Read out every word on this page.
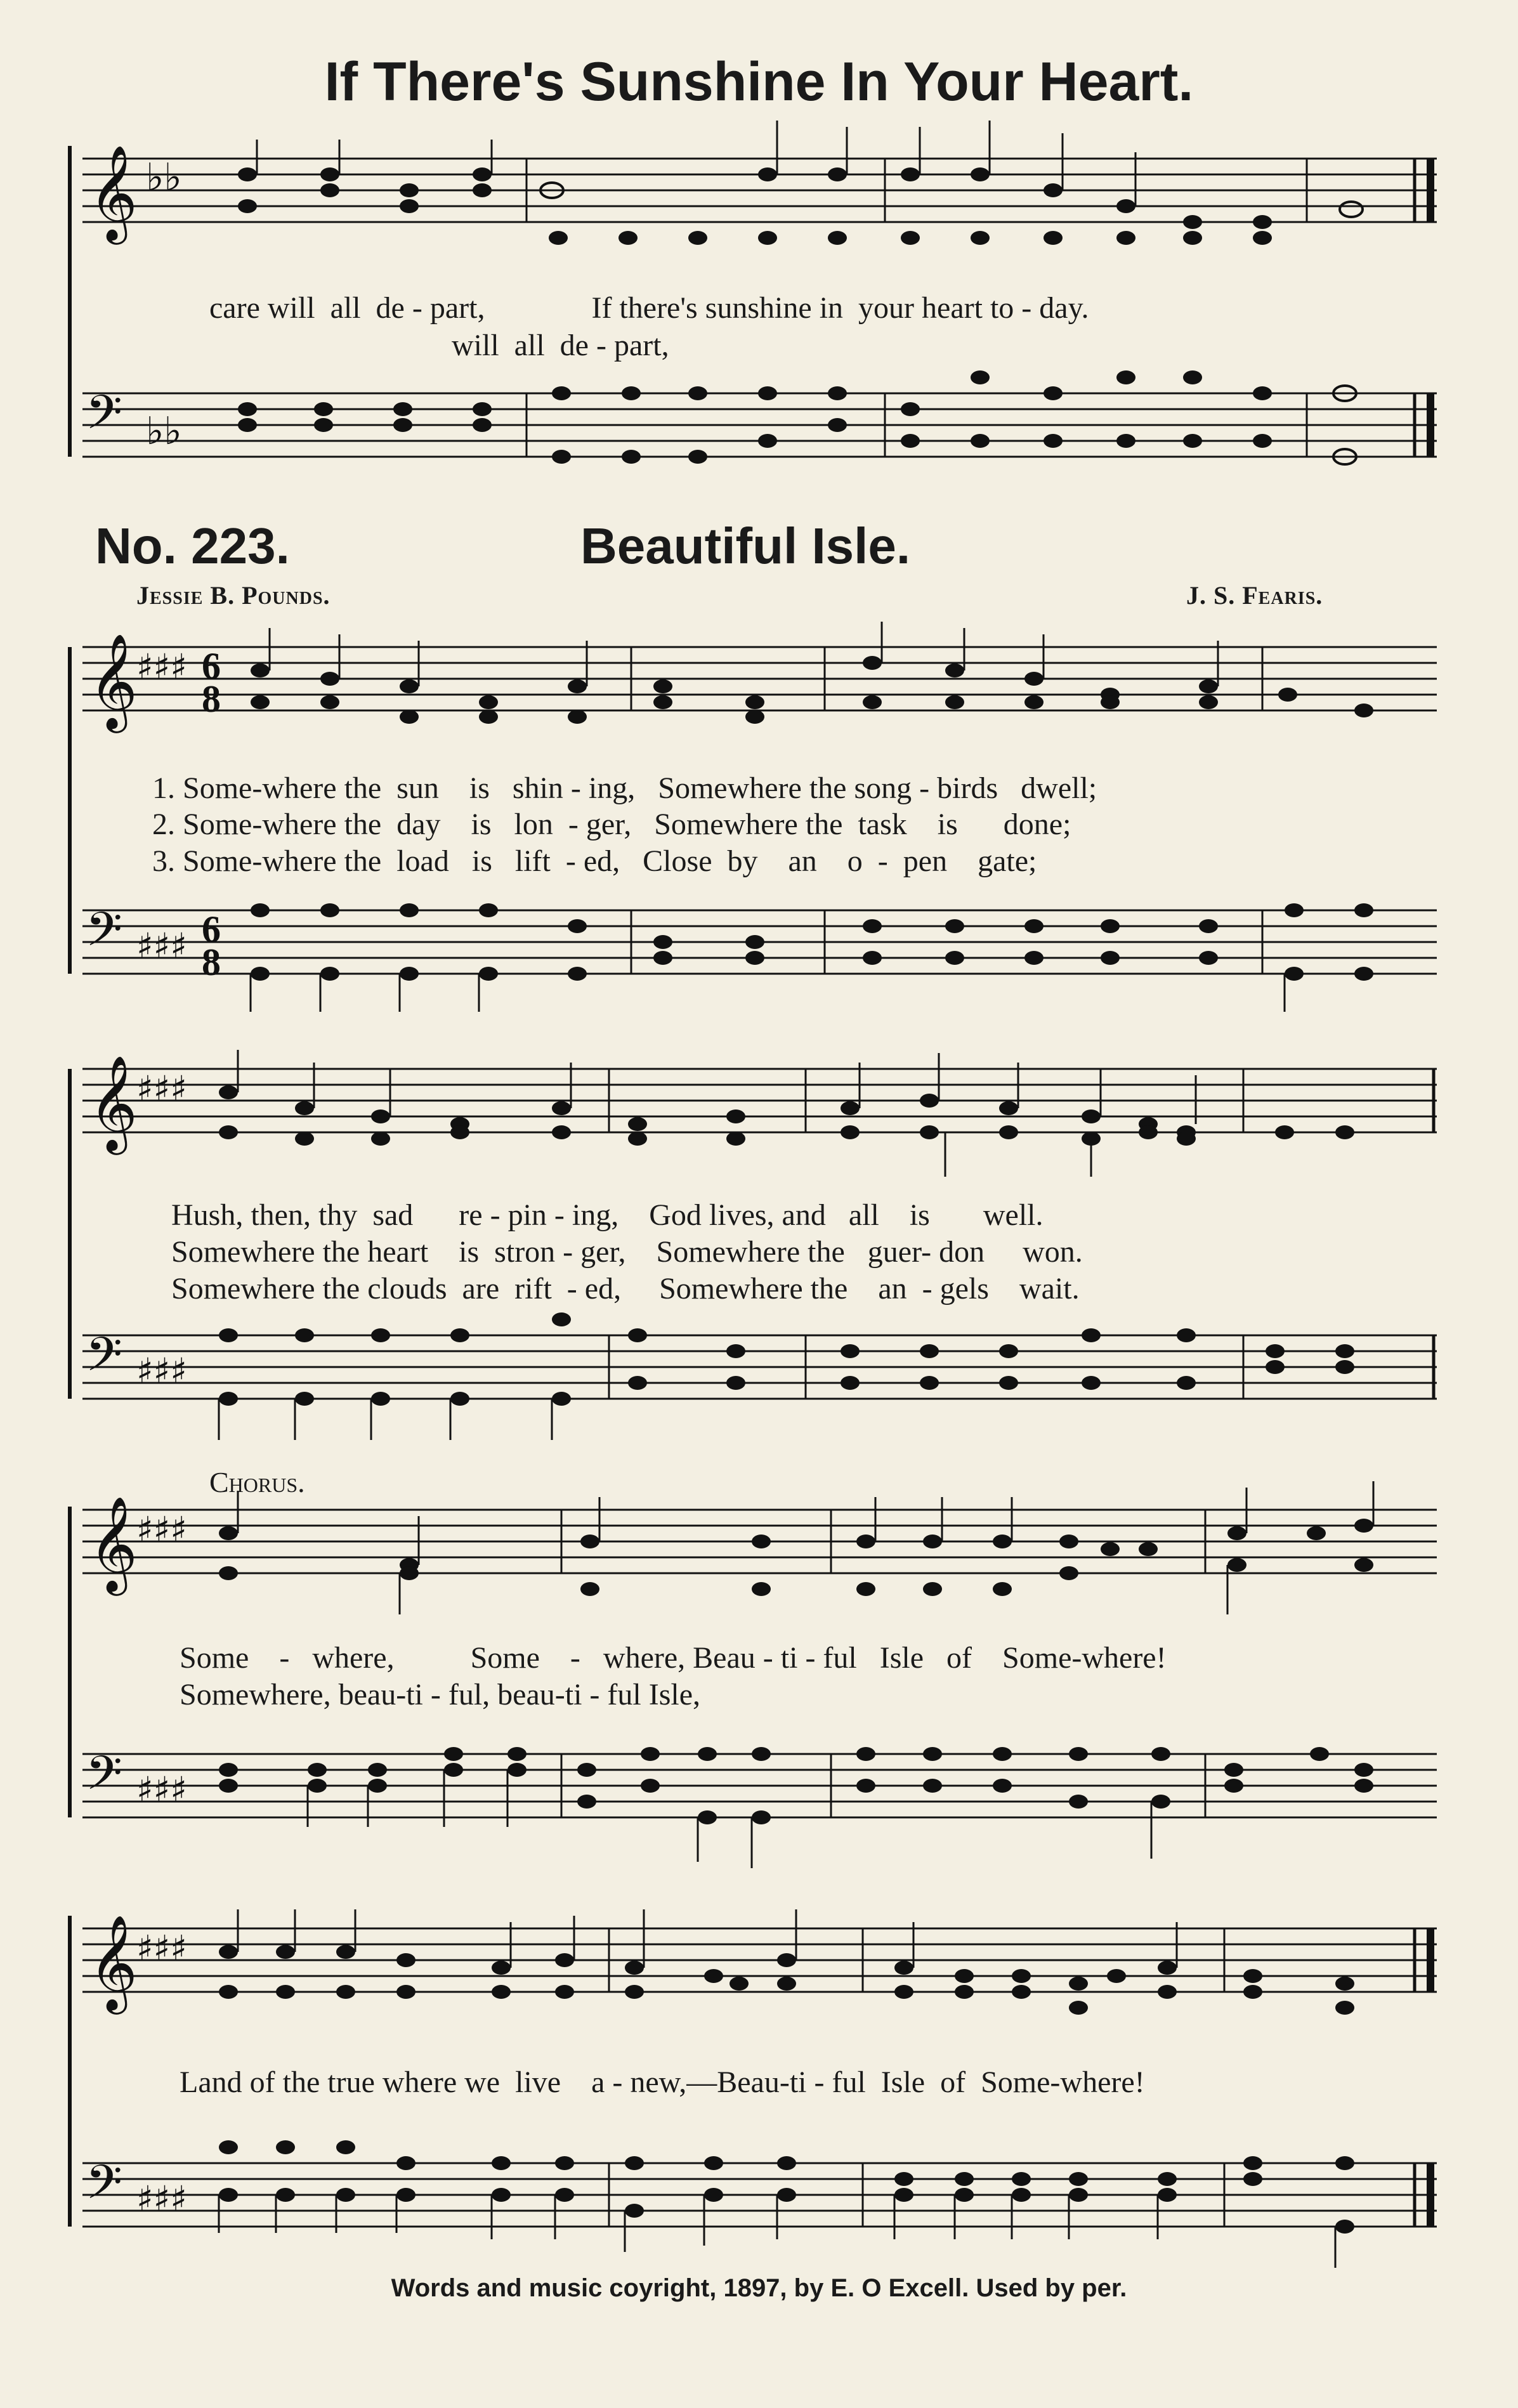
If There's Sunshine In Your Heart.
𝄞 ♭♭
care will  all  de - part,              If there's sunshine in  your heart to - day.
will  all  de - part,
𝄢 ♭♭
No. 223.	Beautiful Isle.
Jessie B. Pounds.	J. S. Fearis.
𝄞
♯♯♯ 6
8
1. Some-where the  sun    is   shin - ing,   Somewhere the song - birds   dwell;
2. Some-where the  day    is   lon  - ger,   Somewhere the  task    is      done;
3. Some-where the  load   is   lift  - ed,   Close  by    an    o  -  pen    gate;
𝄢 ♯♯♯ 6
8
𝄞
♯♯♯
Hush, then, thy  sad      re - pin - ing,    God lives, and   all    is       well.
Somewhere the heart    is  stron - ger,    Somewhere the   guer- don     won.
Somewhere the clouds  are  rift  - ed,     Somewhere the    an  - gels    wait.
𝄢 ♯♯♯
Chorus.
𝄞
♯♯♯
Some    -   where,          Some    -   where, Beau - ti - ful   Isle   of    Some-where!
Somewhere, beau-ti - ful, beau-ti - ful Isle,
𝄢 ♯♯♯
𝄞
♯♯♯
Land of the true where we  live    a - new,—Beau-ti - ful  Isle  of  Some-where!
𝄢 ♯♯♯
Words and music coyright, 1897, by E. O Excell. Used by per.
